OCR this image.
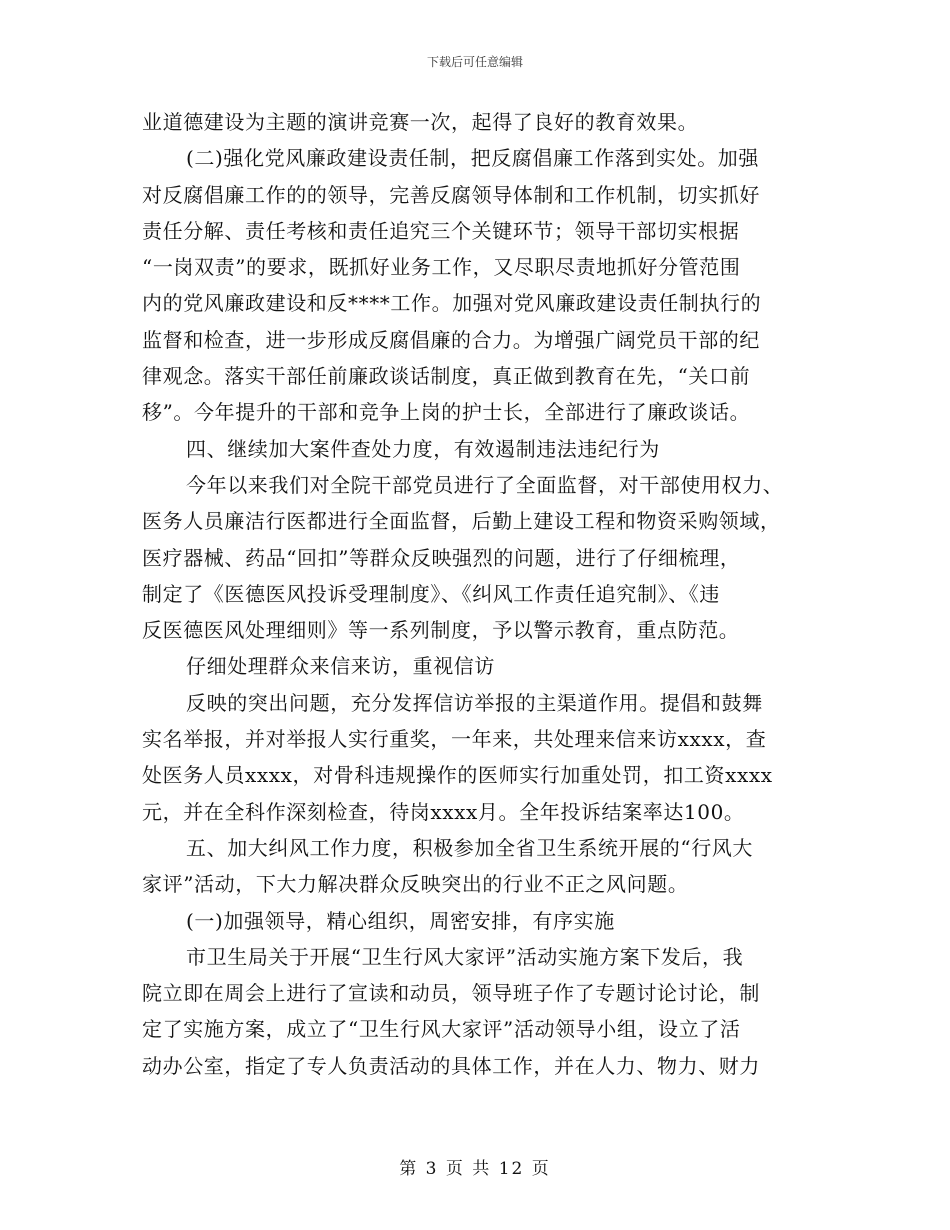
下载后可任意编辑
业道德建设为主题的演讲竞赛一次，起得了良好的教育效果。
(二)强化党风廉政建设责任制，把反腐倡廉工作落到实处。加强
对反腐倡廉工作的的领导，完善反腐领导体制和工作机制，切实抓好
责任分解、责任考核和责任追究三个关键环节；领导干部切实根据
“一岗双责”的要求，既抓好业务工作，又尽职尽责地抓好分管范围
内的党风廉政建设和反****工作。加强对党风廉政建设责任制执行的
监督和检查，进一步形成反腐倡廉的合力。为增强广阔党员干部的纪
律观念。落实干部任前廉政谈话制度，真正做到教育在先，“关口前
移”。今年提升的干部和竞争上岗的护士长，全部进行了廉政谈话。
四、继续加大案件查处力度，有效遏制违法违纪行为
今年以来我们对全院干部党员进行了全面监督，对干部使用权力、
医务人员廉洁行医都进行全面监督，后勤上建设工程和物资采购领域，
医疗器械、药品“回扣”等群众反映强烈的问题，进行了仔细梳理，
制定了《医德医风投诉受理制度》、《纠风工作责任追究制》、《违
反医德医风处理细则》等一系列制度，予以警示教育，重点防范。
仔细处理群众来信来访，重视信访
反映的突出问题，充分发挥信访举报的主渠道作用。提倡和鼓舞
实名举报，并对举报人实行重奖，一年来，共处理来信来访xxxx，查
处医务人员xxxx，对骨科违规操作的医师实行加重处罚，扣工资xxxx
元，并在全科作深刻检查，待岗xxxx月。全年投诉结案率达100。
五、加大纠风工作力度，积极参加全省卫生系统开展的“行风大
家评”活动，下大力解决群众反映突出的行业不正之风问题。
(一)加强领导，精心组织，周密安排，有序实施
市卫生局关于开展“卫生行风大家评”活动实施方案下发后，我
院立即在周会上进行了宣读和动员，领导班子作了专题讨论讨论，制
定了实施方案，成立了“卫生行风大家评”活动领导小组，设立了活
动办公室，指定了专人负责活动的具体工作，并在人力、物力、财力
第 3 页 共 12 页
